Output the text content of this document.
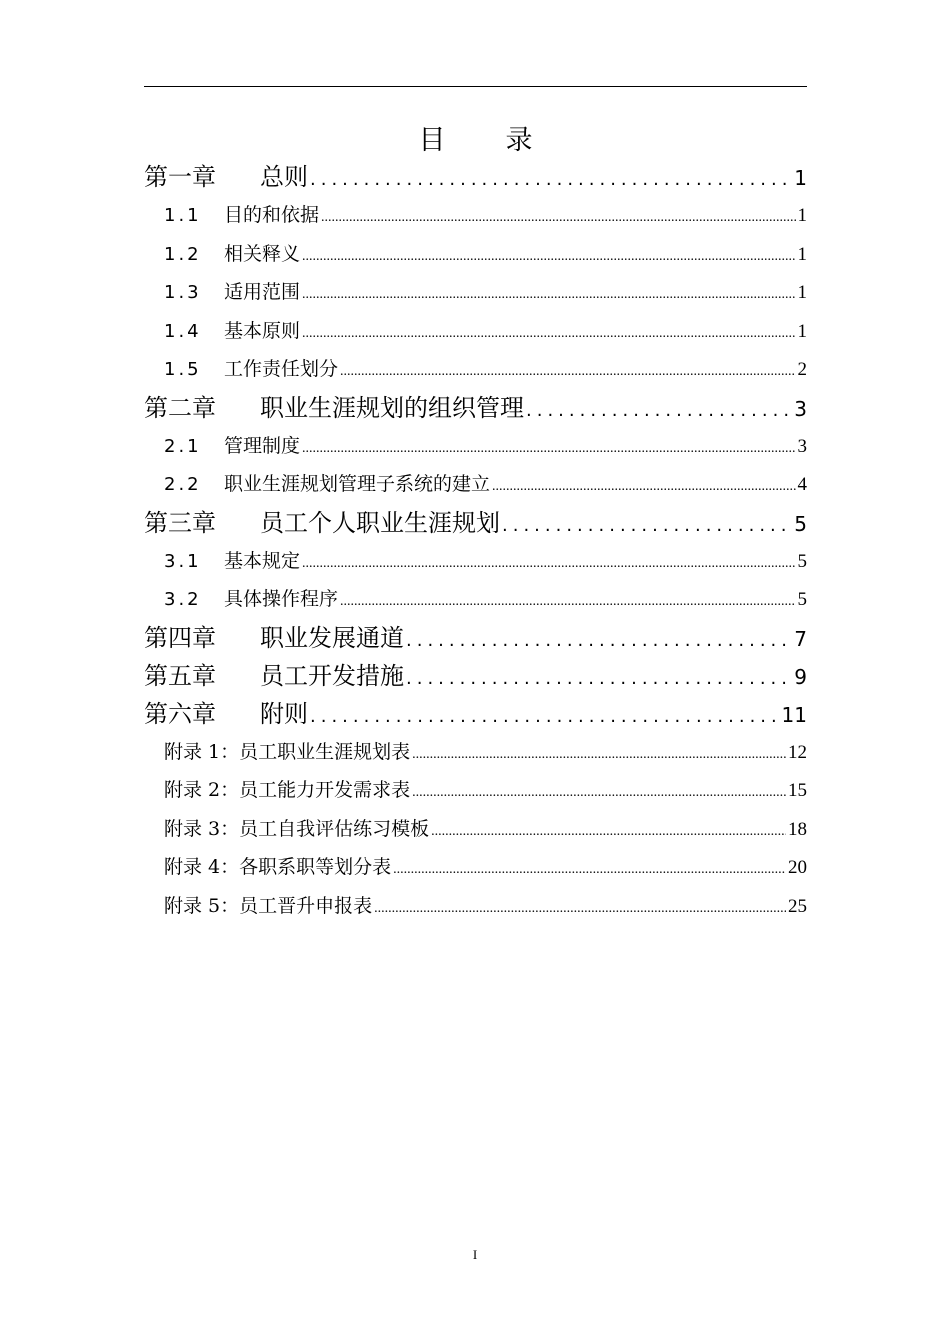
目录
第一章	总则 .....	1
1.1	目的和依据 .....	1
1.2	相关释义 .....	1
1.3	适用范围 .....	1
1.4	基本原则 .....	1
1.5	工作责任划分 .....	2
第二章	职业生涯规划的组织管理 .....	3
2.1	管理制度 .....	3
2.2	职业生涯规划管理子系统的建立 .....	4
第三章	员工个人职业生涯规划 .....	5
3.1	基本规定 .....	5
3.2	具体操作程序 .....	5
第四章	职业发展通道 .....	7
第五章	员工开发措施 .....	9
第六章	附则 .....	11
附录 1：员工职业生涯规划表 .....	12
附录 2：员工能力开发需求表 .....	15
附录 3：员工自我评估练习模板 .....	18
附录 4：各职系职等划分表 .....	20
附录 5：员工晋升申报表 .....	25
I
